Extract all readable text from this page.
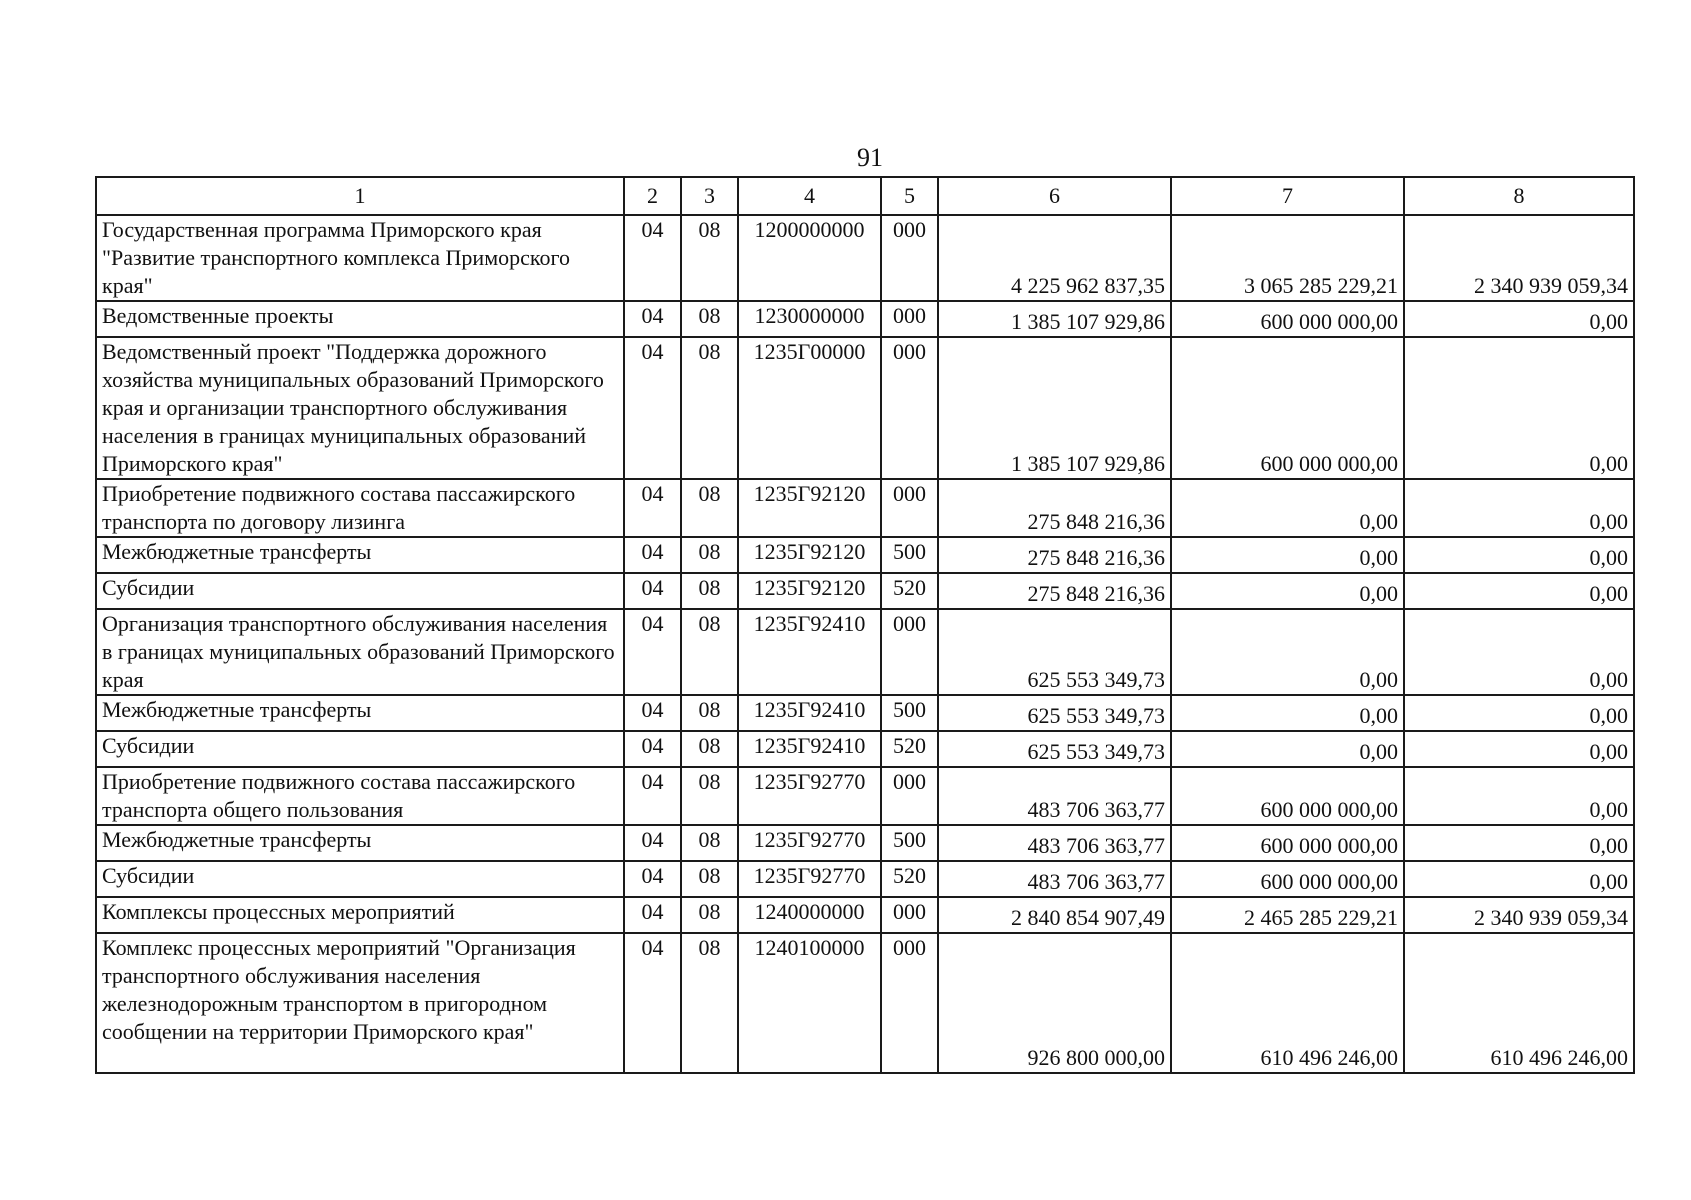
91
1	2	3	4	5	6	7	8
Государственная программа Приморского края "Развитие транспортного комплекса Приморского края"	04	08	1200000000	000	4 225 962 837,35	3 065 285 229,21	2 340 939 059,34
Ведомственные проекты	04	08	1230000000	000	1 385 107 929,86	600 000 000,00	0,00
Ведомственный проект "Поддержка дорожного хозяйства муниципальных образований Приморского края и организации транспортного обслуживания населения в границах муниципальных образований Приморского края"	04	08	1235Г00000	000	1 385 107 929,86	600 000 000,00	0,00
Приобретение подвижного состава пассажирского транспорта по договору лизинга	04	08	1235Г92120	000	275 848 216,36	0,00	0,00
Межбюджетные трансферты	04	08	1235Г92120	500	275 848 216,36	0,00	0,00
Субсидии	04	08	1235Г92120	520	275 848 216,36	0,00	0,00
Организация транспортного обслуживания населения в границах муниципальных образований Приморского края	04	08	1235Г92410	000	625 553 349,73	0,00	0,00
Межбюджетные трансферты	04	08	1235Г92410	500	625 553 349,73	0,00	0,00
Субсидии	04	08	1235Г92410	520	625 553 349,73	0,00	0,00
Приобретение подвижного состава пассажирского транспорта общего пользования	04	08	1235Г92770	000	483 706 363,77	600 000 000,00	0,00
Межбюджетные трансферты	04	08	1235Г92770	500	483 706 363,77	600 000 000,00	0,00
Субсидии	04	08	1235Г92770	520	483 706 363,77	600 000 000,00	0,00
Комплексы процессных мероприятий	04	08	1240000000	000	2 840 854 907,49	2 465 285 229,21	2 340 939 059,34
Комплекс процессных мероприятий "Организация транспортного обслуживания населения железнодорожным транспортом в пригородном сообщении на территории Приморского края"	04	08	1240100000	000	926 800 000,00	610 496 246,00	610 496 246,00
